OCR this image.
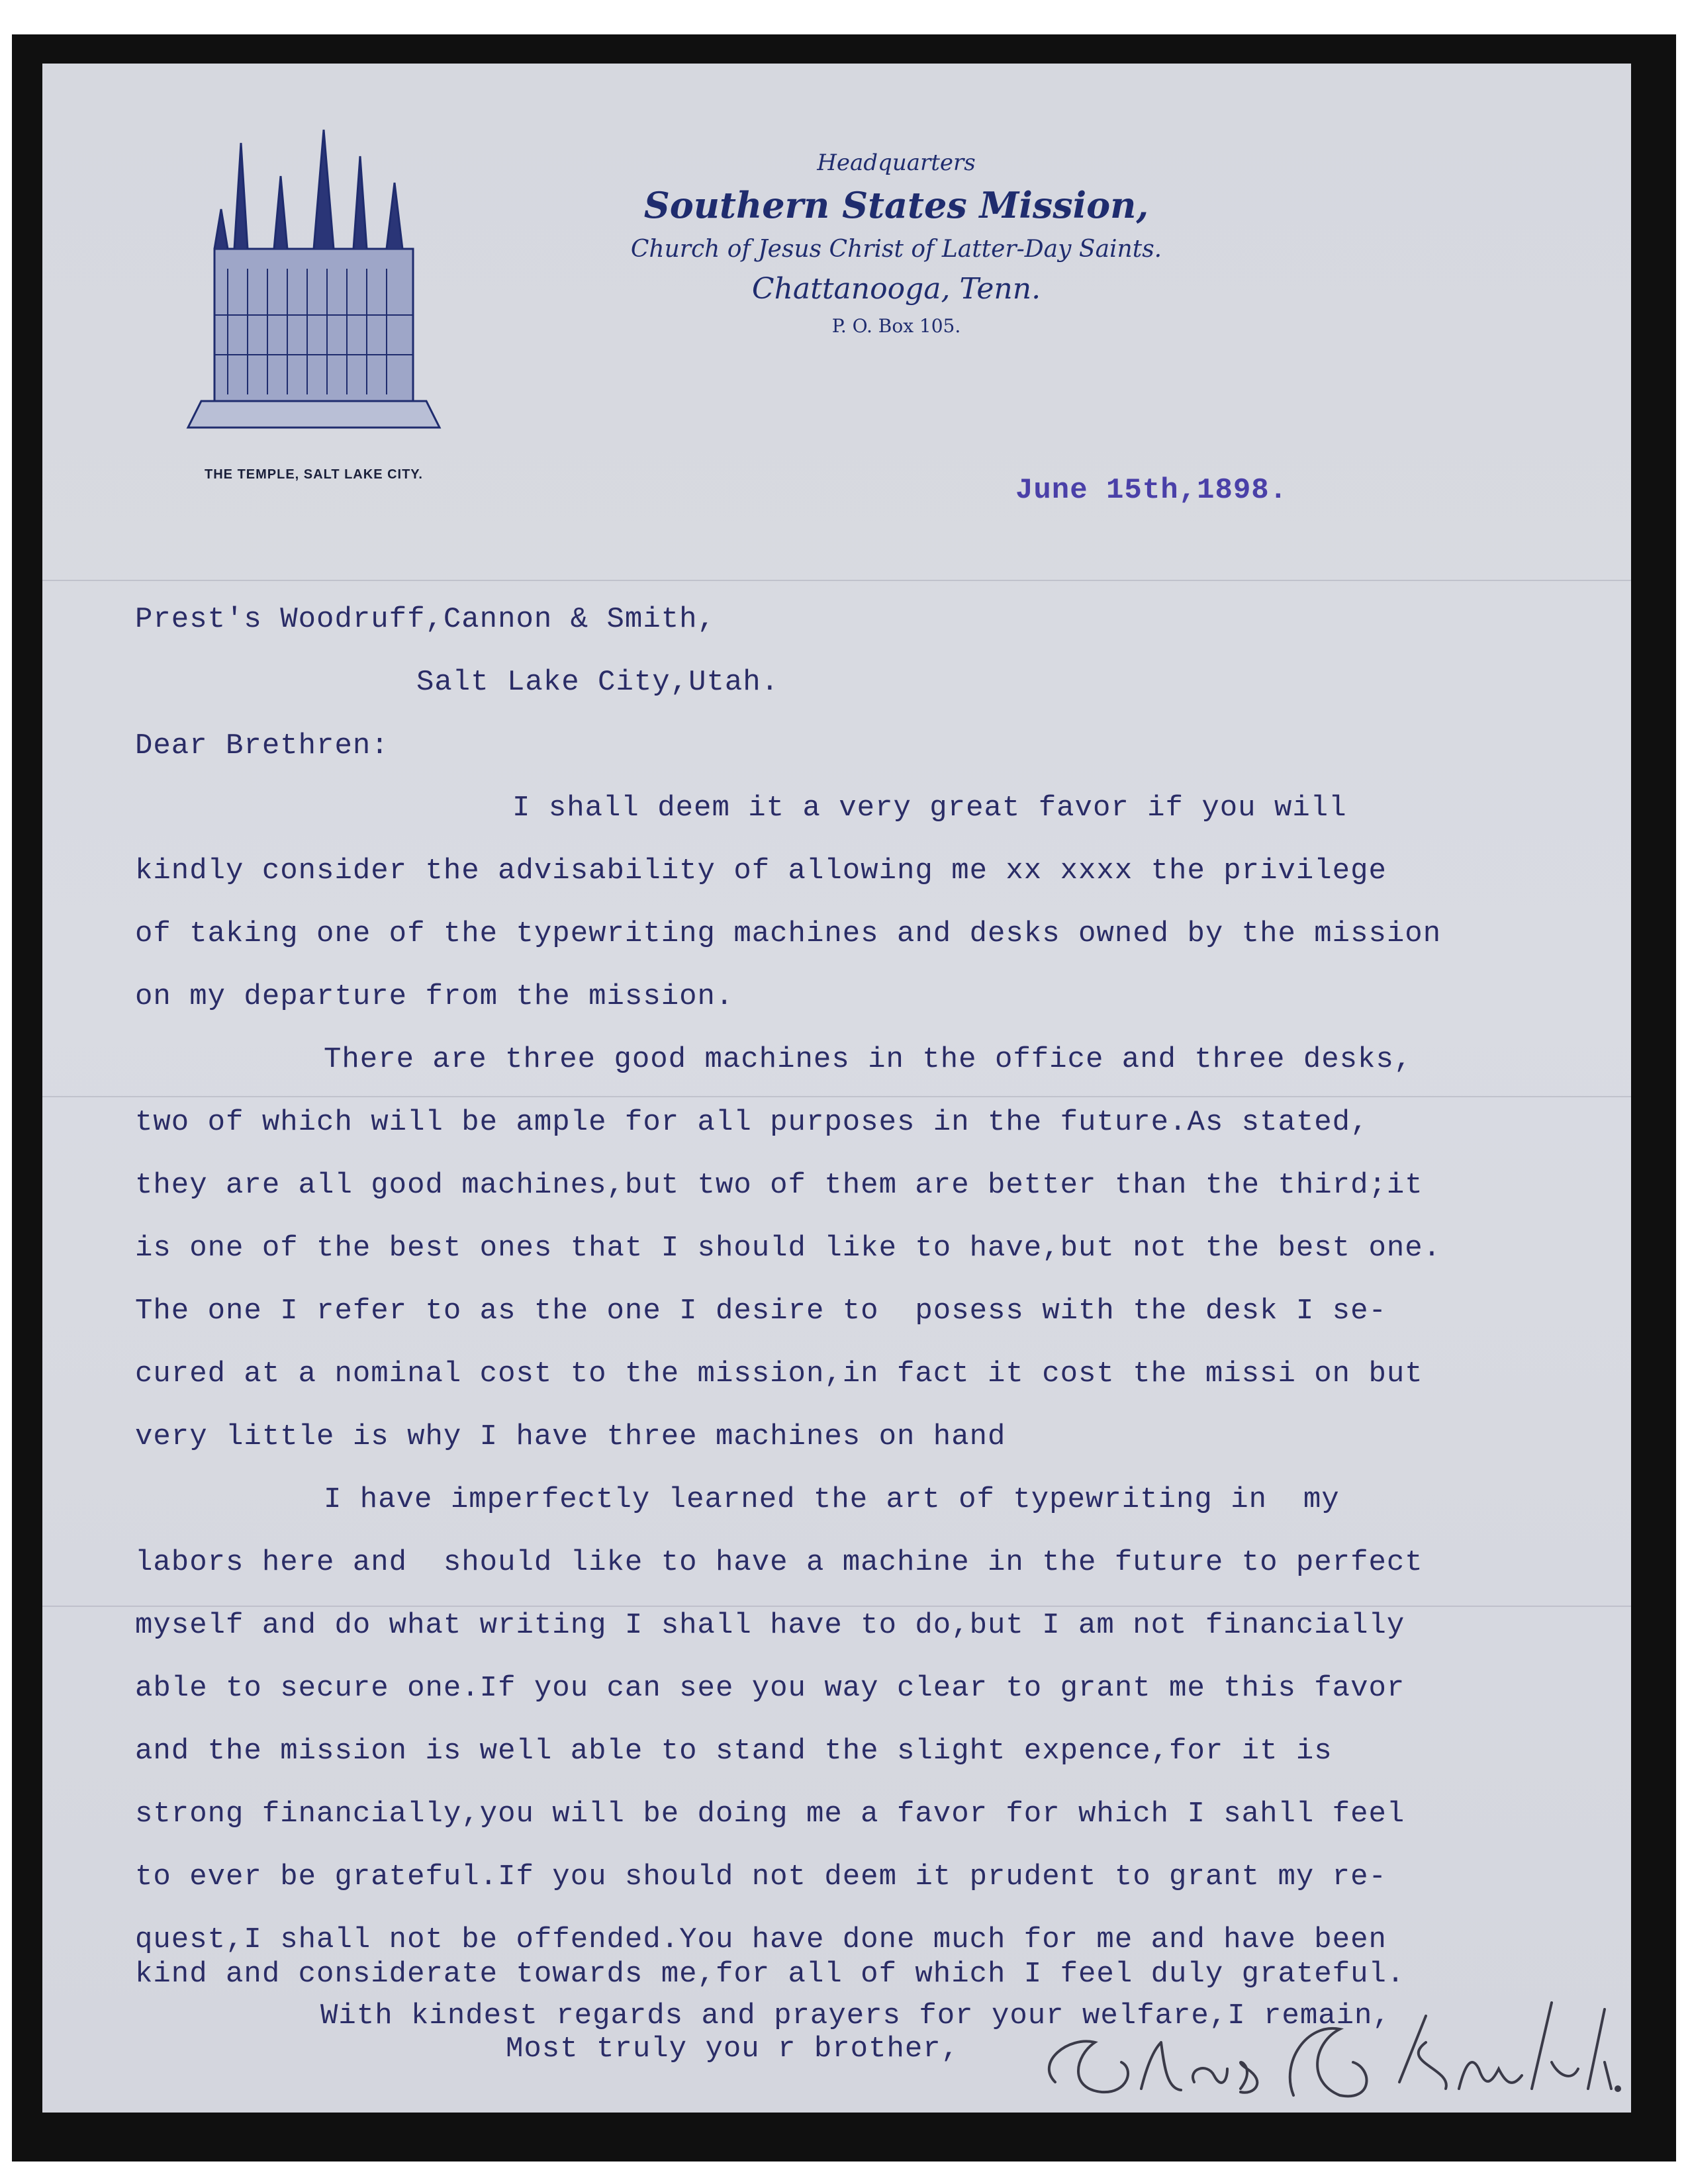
THE TEMPLE, SALT LAKE CITY.
Headquarters
Southern States Mission,
Church of Jesus Christ of Latter-Day Saints.
Chattanooga, Tenn.
P. O. Box 105.
June 15th,1898.
Prest's Woodruff,Cannon & Smith,
Salt Lake City,Utah.
Dear Brethren:
I shall deem it a very great favor if you will
kindly consider the advisability of allowing me xx xxxx the privilege
of taking one of the typewriting machines and desks owned by the mission
on my departure from the mission.
There are three good machines in the office and three desks,
two of which will be ample for all purposes in the future.As stated,
they are all good machines,but two of them are better than the third;it
is one of the best ones that I should like to have,but not the best one.
The one I refer to as the one I desire to  posess with the desk I se-
cured at a nominal cost to the mission,in fact it cost the missi on but
very little is why I have three machines on hand
I have imperfectly learned the art of typewriting in  my
labors here and  should like to have a machine in the future to perfect
myself and do what writing I shall have to do,but I am not financially
able to secure one.If you can see you way clear to grant me this favor
and the mission is well able to stand the slight expence,for it is
strong financially,you will be doing me a favor for which I sahll feel
to ever be grateful.If you should not deem it prudent to grant my re-
quest,I shall not be offended.You have done much for me and have been
kind and considerate towards me,for all of which I feel duly grateful.
With kindest regards and prayers for your welfare,I remain,
Most truly you r brother,
